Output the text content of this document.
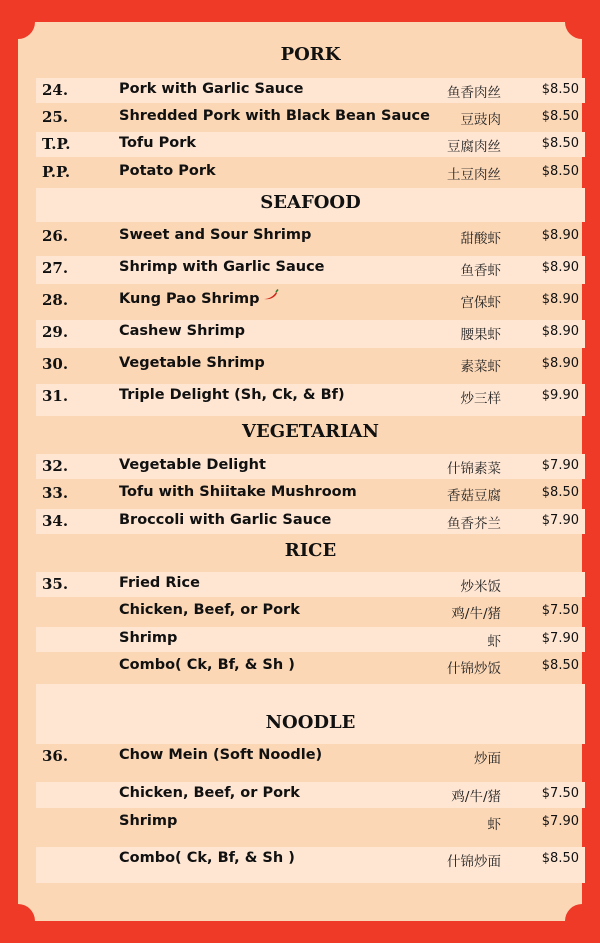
PORK
24.	Pork with Garlic Sauce	鱼香肉丝	$8.50
25.	Shredded Pork with Black Bean Sauce 豆豉肉	$8.50
T.P.	Tofu Pork	豆腐肉丝	$8.50
P.P.	Potato Pork	土豆肉丝	$8.50
SEAFOOD
26.	Sweet and Sour Shrimp	甜酸虾	$8.90
27.	Shrimp with Garlic Sauce	鱼香虾	$8.90
28.	Kung Pao Shrimp	宫保虾	$8.90
29.	Cashew Shrimp	腰果虾	$8.90
30.	Vegetable Shrimp	素菜虾	$8.90
31.	Triple Delight (Sh, Ck, & Bf)	炒三样	$9.90
VEGETARIAN
32.	Vegetable Delight	什锦素菜	$7.90
33.	Tofu with Shiitake Mushroom	香菇豆腐	$8.50
34.	Broccoli with Garlic Sauce	鱼香芥兰	$7.90
RICE
35.	Fried Rice	炒米饭
Chicken, Beef, or Pork	鸡/牛/猪	$7.50
Shrimp	虾	$7.90
Combo( Ck, Bf, & Sh )	什锦炒饭	$8.50
NOODLE
36.	Chow Mein (Soft Noodle)	炒面
Chicken, Beef, or Pork	鸡/牛/猪	$7.50
Shrimp	虾	$7.90
Combo( Ck, Bf, & Sh )	什锦炒面	$8.50
